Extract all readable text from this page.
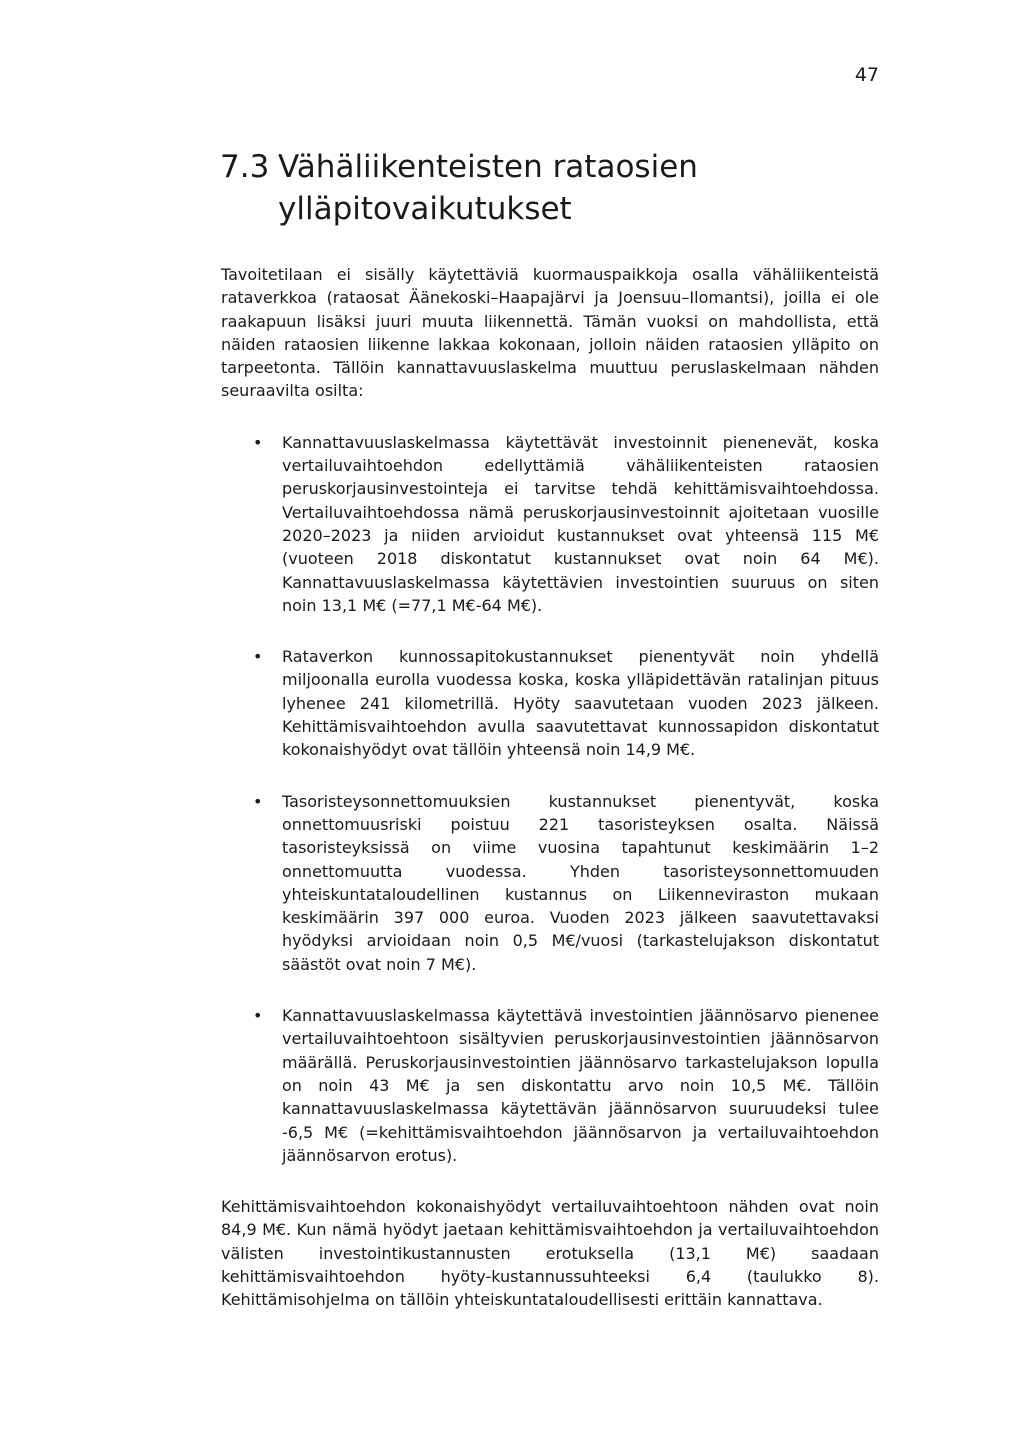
47
7.3 Vähäliikenteisten rataosien ylläpitovaikutukset

Tavoitetilaan ei sisälly käytettäviä kuormauspaikkoja osalla vähäliikenteistä rataverkkoa (rataosat Äänekoski–Haapajärvi ja Joensuu–Ilomantsi), joilla ei ole raakapuun lisäksi juuri muuta liikennettä. Tämän vuoksi on mahdollista, että näiden rataosien liikenne lakkaa kokonaan, jolloin näiden rataosien ylläpito on tarpeetonta. Tällöin kannattavuuslaskelma muuttuu peruslaskelmaan nähden seuraavilta osilta:

• Kannattavuuslaskelmassa käytettävät investoinnit pienenevät, koska vertailuvaihtoehdon edellyttämiä vähäliikenteisten rataosien peruskorjausinvestointeja ei tarvitse tehdä kehittämisvaihtoehdossa. Vertailuvaihtoehdossa nämä peruskorjausinvestoinnit ajoitetaan vuosille 2020–2023 ja niiden arvioidut kustannukset ovat yhteensä 115 M€ (vuoteen 2018 diskontatut kustannukset ovat noin 64 M€). Kannattavuuslaskelmassa käytettävien investointien suuruus on siten noin 13,1 M€ (=77,1 M€-64 M€).
• Rataverkon kunnossapitokustannukset pienentyvät noin yhdellä miljoonalla eurolla vuodessa koska, koska ylläpidettävän ratalinjan pituus lyhenee 241 kilometrillä. Hyöty saavutetaan vuoden 2023 jälkeen. Kehittämisvaihtoehdon avulla saavutettavat kunnossapidon diskontatut kokonaishyödyt ovat tällöin yhteensä noin 14,9 M€.
• Tasoristeysonnettomuuksien kustannukset pienentyvät, koska onnettomuusriski poistuu 221 tasoristeyksen osalta. Näissä tasoristeyksissä on viime vuosina tapahtunut keskimäärin 1–2 onnettomuutta vuodessa. Yhden tasoristeysonnettomuuden yhteiskuntataloudellinen kustannus on Liikenneviraston mukaan keskimäärin 397 000 euroa. Vuoden 2023 jälkeen saavutettavaksi hyödyksi arvioidaan noin 0,5 M€/vuosi (tarkastelujakson diskontatut säästöt ovat noin 7 M€).
• Kannattavuuslaskelmassa käytettävä investointien jäännösarvo pienenee vertailuvaihtoehtoon sisältyvien peruskorjausinvestointien jäännösarvon määrällä. Peruskorjausinvestointien jäännösarvo tarkastelujakson lopulla on noin 43 M€ ja sen diskontattu arvo noin 10,5 M€. Tällöin kannattavuuslaskelmassa käytettävän jäännösarvon suuruudeksi tulee -6,5 M€ (=kehittämisvaihtoehdon jäännösarvon ja vertailuvaihtoehdon jäännösarvon erotus).

Kehittämisvaihtoehdon kokonaishyödyt vertailuvaihtoehtoon nähden ovat noin 84,9 M€. Kun nämä hyödyt jaetaan kehittämisvaihtoehdon ja vertailuvaihtoehdon välisten investointikustannusten erotuksella (13,1 M€) saadaan kehittämisvaihtoehdon hyöty-kustannussuhteeksi 6,4 (taulukko 8). Kehittämisohjelma on tällöin yhteiskuntataloudellisesti erittäin kannattava.
